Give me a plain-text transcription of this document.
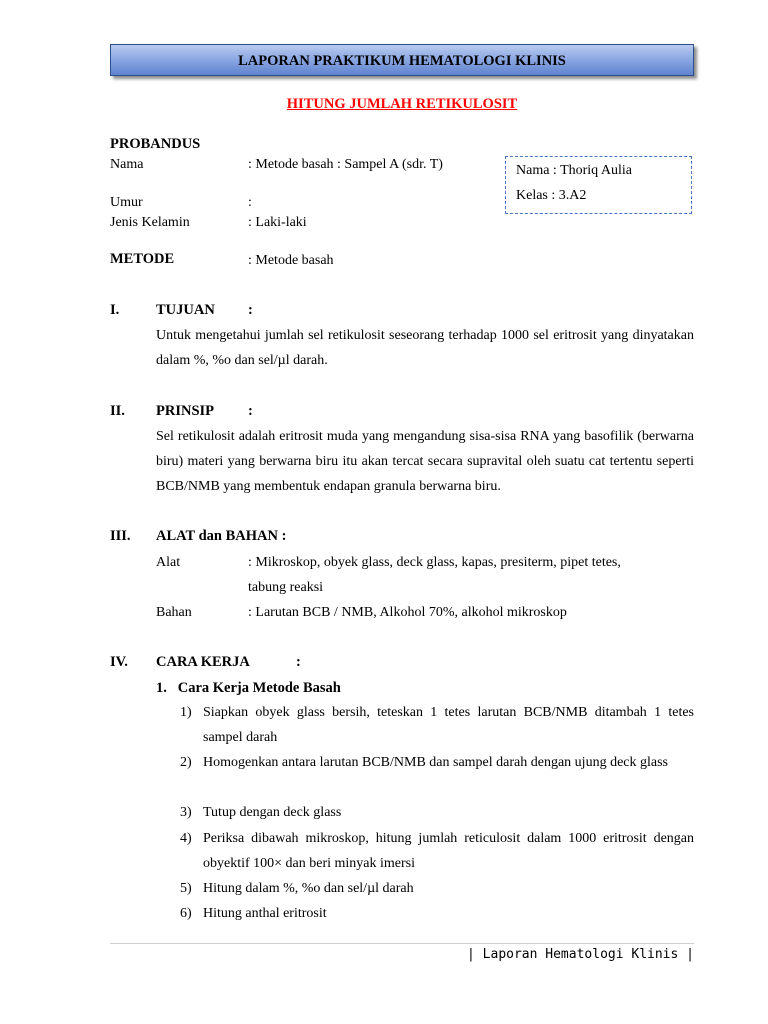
LAPORAN PRAKTIKUM HEMATOLOGI KLINIS
HITUNG JUMLAH RETIKULOSIT
PROBANDUS
Nama	: Metode basah : Sampel A (sdr. T)
Umur	:
Jenis Kelamin	: Laki-laki
Nama : Thoriq Aulia
Kelas : 3.A2
METODE	: Metode basah
I.	TUJUAN :
Untuk mengetahui jumlah sel retikulosit seseorang terhadap 1000 sel eritrosit yang dinyatakan dalam %, %o dan sel/µl darah.
II. PRINSIP :
Sel retikulosit adalah eritrosit muda yang mengandung sisa-sisa RNA yang basofilik (berwarna biru) materi yang berwarna biru itu akan tercat secara supravital oleh suatu cat tertentu seperti BCB/NMB yang membentuk endapan granula berwarna biru.
III. ALAT dan BAHAN :
Alat	: Mikroskop, obyek glass, deck glass, kapas, presiterm, pipet tetes,
tabung reaksi
Bahan	: Larutan BCB / NMB, Alkohol 70%, alkohol mikroskop
IV. CARA KERJA	:
1.   Cara Kerja Metode Basah
1) Siapkan obyek glass bersih, teteskan 1 tetes larutan BCB/NMB ditambah 1 tetes sampel darah
2) Homogenkan antara larutan BCB/NMB dan sampel darah dengan ujung deck glass
3) Tutup dengan deck glass
4) Periksa dibawah mikroskop, hitung jumlah reticulosit dalam 1000 eritrosit dengan obyektif 100× dan beri minyak imersi
5) Hitung dalam %, %o dan sel/µl darah
6) Hitung anthal eritrosit
| Laporan Hematologi Klinis |
